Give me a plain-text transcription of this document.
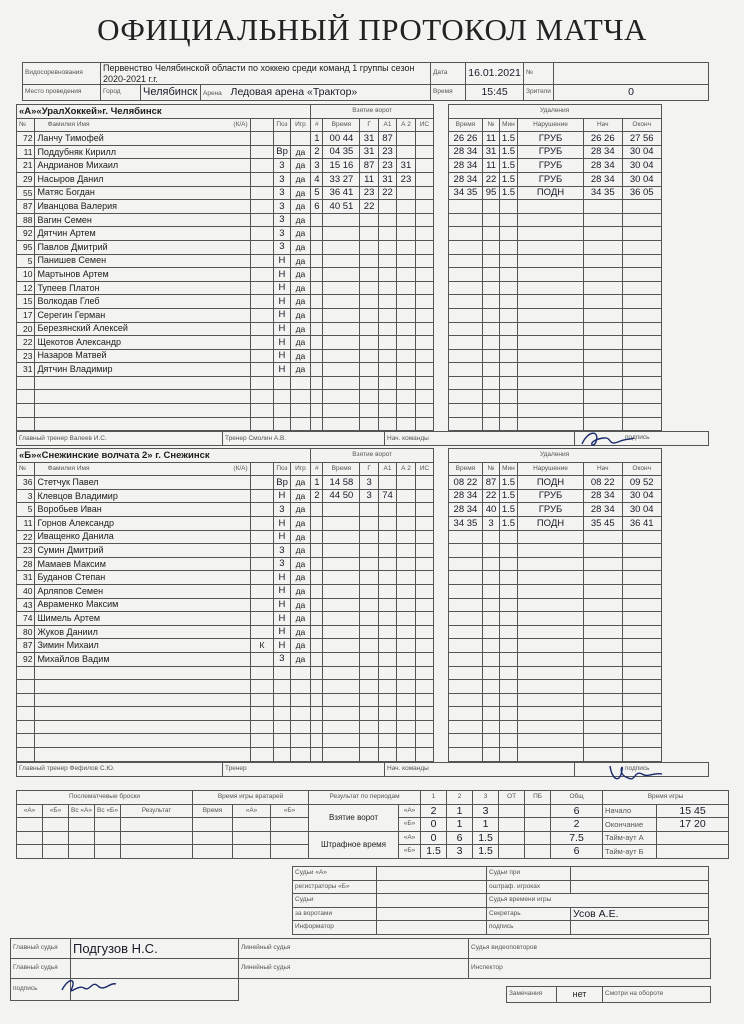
ОФИЦИАЛЬНЫЙ ПРОТОКОЛ МАТЧА
Видосоревнования	Первенство Челябинской области по хоккею среди команд 1 группы сезон 2020-2021 г.г.			Дата	16.01.2021	№	
Место проведения	Город	Челябинск	Арена Ледовая арена «Трактор»	Время	15:45	Зрители	0
«А»«УралХоккей»г. Челябинск					Взятие ворот							Удаления						
№	Фамилия Имя (К/А)		Поз	Игр	#	Время	Г	А1	А 2	ИС		Время	№	Мин	Нарушение	Нач	Оконч	
72	Ланчу Тимофей				1	00 44	31	87				26 26	11	1.5	ГРУБ	26 26	27 56	
11	Поддубняк Кирилл		Вр	да	2	04 35	31	23				28 34	31	1.5	ГРУБ	28 34	30 04	
21	Андрианов Михаил		3	да	3	15 16	87	23	31			28 34	11	1.5	ГРУБ	28 34	30 04	
29	Насыров Данил		3	да	4	33 27	11	31	23			28 34	22	1.5	ГРУБ	28 34	30 04	
55	Матяс Богдан		3	да	5	36 41	23	22				34 35	95	1.5	ПОДН	34 35	36 05	
87	Иванцова Валерия		3	да	6	40 51	22											
88	Вагин Семен		3	да														
92	Дятчин Артем		3	да														
95	Павлов Дмитрий		3	да														
5	Панишев Семен		Н	да														
10	Мартынов Артем		Н	да														
12	Тупеев Платон		Н	да														
15	Волкодав Глеб		Н	да														
17	Серегин Герман		Н	да														
20	Березянский Алексей		Н	да														
22	Щекотов Александр		Н	да														
23	Назаров Матвей		Н	да														
31	Дятчин Владимир		Н	да														

Главный тренер Валеев И.С.	Тренер Смолин А.В.	Нач. команды	подпись
«Б»«Снежинские волчата 2» г. Снежинск					Взятие ворот							Удаления						
№	Фамилия Имя (К/А)		Поз	Игр	#	Время	Г	А1	А 2	ИС		Время	№	Мин	Нарушение	Нач	Оконч	
36	Стетчук Павел		Вр	да	1	14 58	3					08 22	87	1.5	ПОДН	08 22	09 52	
3	Клевцов Владимир		Н	да	2	44 50	3	74				28 34	22	1.5	ГРУБ	28 34	30 04	
5	Воробьев Иван		3	да								28 34	40	1.5	ГРУБ	28 34	30 04	
11	Горнов Александр		Н	да								34 35	3	1.5	ПОДН	35 45	36 41	
22	Иващенко Данила		Н	да														
23	Сумин Дмитрий		3	да														
28	Мамаев Максим		3	да														
31	Буданов Степан		Н	да														
40	Арляпов Семен		Н	да														
43	Авраменко Максим		Н	да														
74	Шимель Артем		Н	да														
80	Жуков Даниил		Н	да														
87	Зимин Михаил	К	Н	да														
92	Михайлов Вадим		3	да														

Главный тренер Фефилов С.Ю.	Тренер	Нач. команды	подпись
Послематчевые броски					Время игры вратарей			Результат по периодам		1	2	3	ОТ	ПБ	Общ	Время игры	
«А»	«Б»	Вс «А»	Вс «Б»	Результат	Время	«А»	«Б»	Взятие ворот	«А»	2	1	3			6	Начало	15 45
									«Б»	0	1	1			2	Окончание	17 20
								Штрафное время	«А»	0	6	1.5			7.5	Тайм-аут А	
									«Б»	1.5	3	1.5			6	Тайм-аут Б	
Судьи «А»		Судьи при	
регистраторы «Б»		оштраф. игроках	
Судьи		Судья времени игры	
за воротами		Секретарь	Усов А.Е.
Информатор		подпись	
Главный судья	Подгузов Н.С.	Линейный судья	Судья видеоповторов
Главный судья		Линейный судья	Инспектор
подпись			
Замечания	нет	Смотри на обороте
